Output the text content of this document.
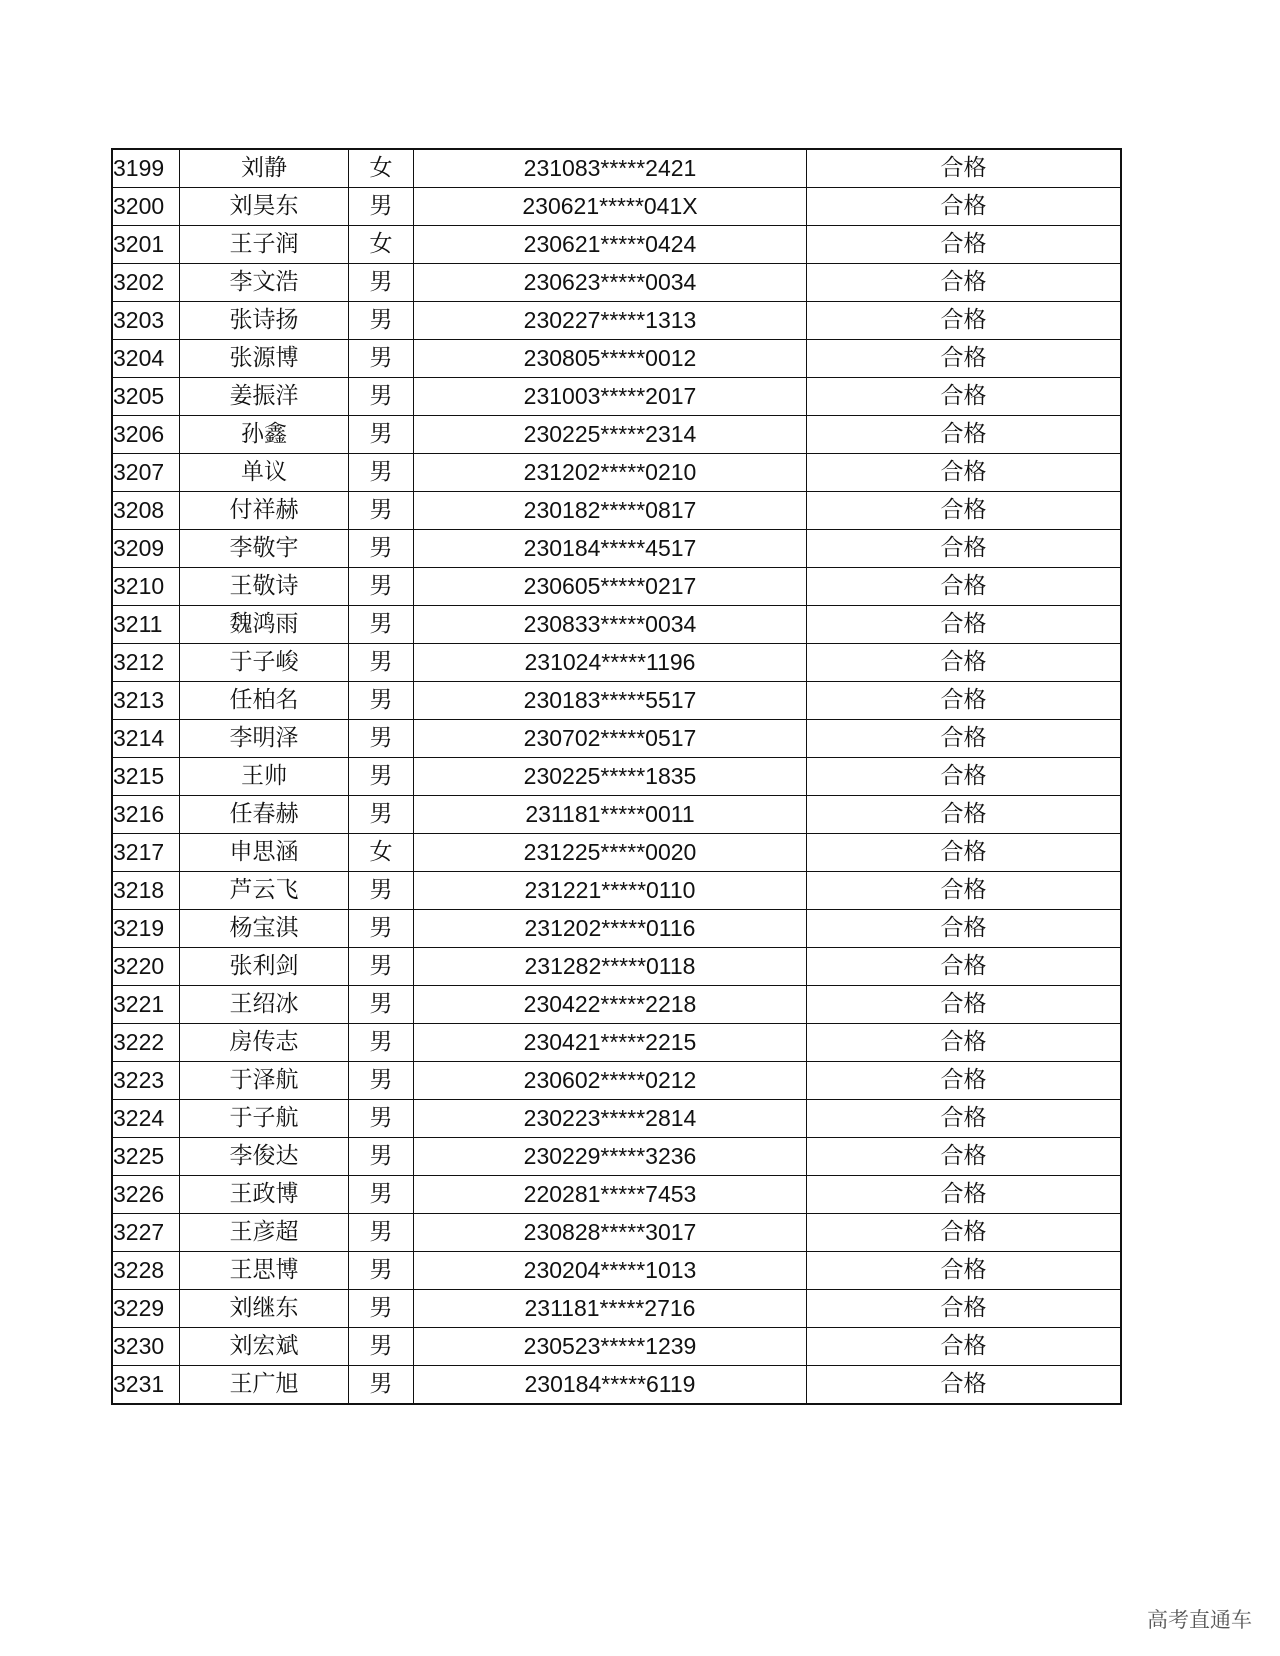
3199	刘静	女	231083*****2421	合格
3200	刘昊东	男	230621*****041X	合格
3201	王子润	女	230621*****0424	合格
3202	李文浩	男	230623*****0034	合格
3203	张诗扬	男	230227*****1313	合格
3204	张源博	男	230805*****0012	合格
3205	姜振洋	男	231003*****2017	合格
3206	孙鑫	男	230225*****2314	合格
3207	单议	男	231202*****0210	合格
3208	付祥赫	男	230182*****0817	合格
3209	李敬宇	男	230184*****4517	合格
3210	王敬诗	男	230605*****0217	合格
3211	魏鸿雨	男	230833*****0034	合格
3212	于子峻	男	231024*****1196	合格
3213	任柏名	男	230183*****5517	合格
3214	李明泽	男	230702*****0517	合格
3215	王帅	男	230225*****1835	合格
3216	任春赫	男	231181*****0011	合格
3217	申思涵	女	231225*****0020	合格
3218	芦云飞	男	231221*****0110	合格
3219	杨宝淇	男	231202*****0116	合格
3220	张利剑	男	231282*****0118	合格
3221	王绍冰	男	230422*****2218	合格
3222	房传志	男	230421*****2215	合格
3223	于泽航	男	230602*****0212	合格
3224	于子航	男	230223*****2814	合格
3225	李俊达	男	230229*****3236	合格
3226	王政博	男	220281*****7453	合格
3227	王彦超	男	230828*****3017	合格
3228	王思博	男	230204*****1013	合格
3229	刘继东	男	231181*****2716	合格
3230	刘宏斌	男	230523*****1239	合格
3231	王广旭	男	230184*****6119	合格
高考直通车
